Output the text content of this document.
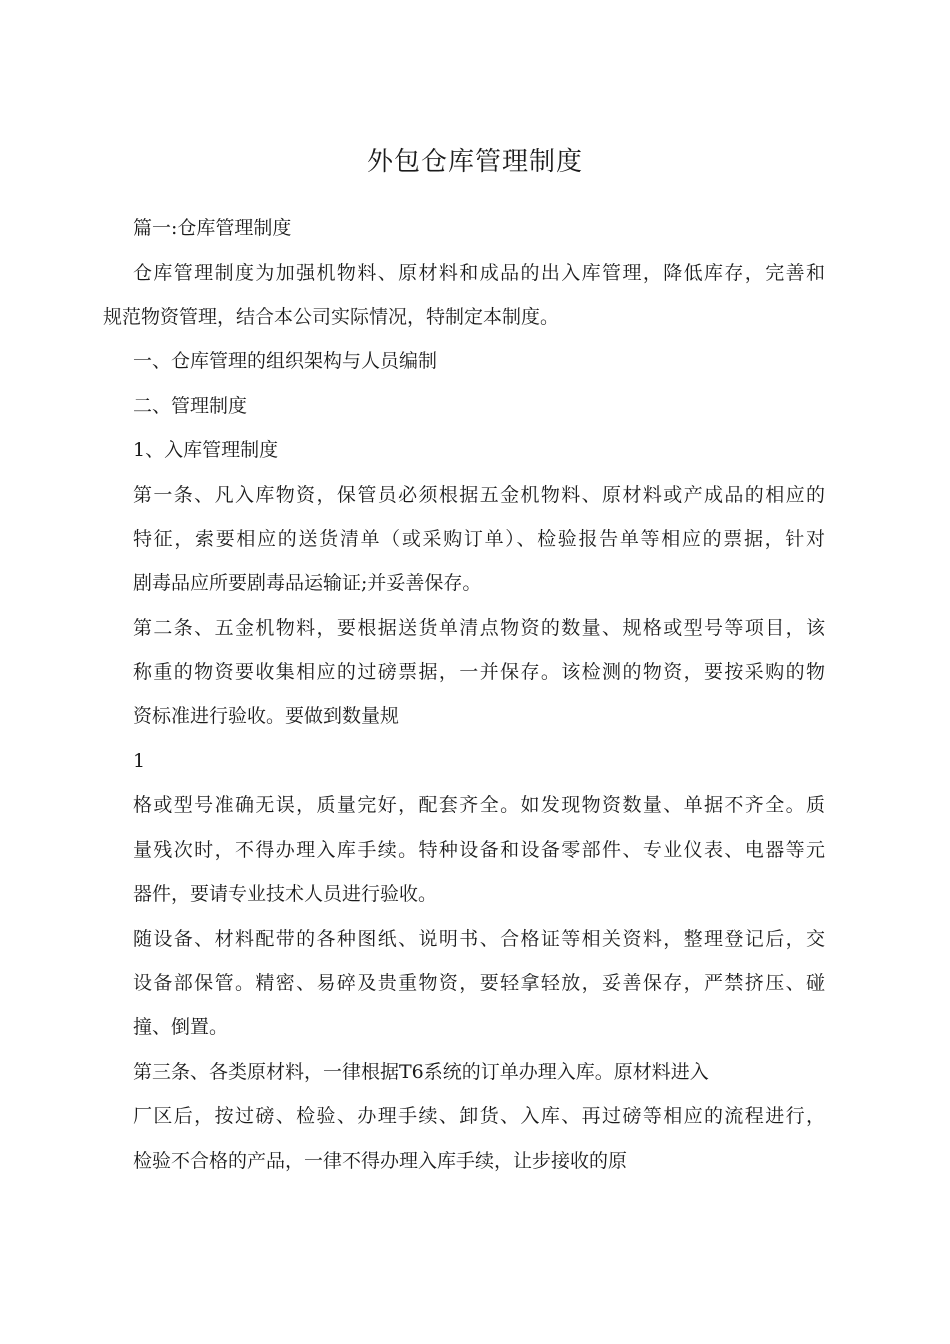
外包仓库管理制度
篇一:仓库管理制度
仓库管理制度为加强机物料、原材料和成品的出入库管理，降低库存，完善和
规范物资管理，结合本公司实际情况，特制定本制度。
一、仓库管理的组织架构与人员编制
二、管理制度
1、入库管理制度
第一条、凡入库物资，保管员必须根据五金机物料、原材料或产成品的相应的
特征，索要相应的送货清单（或采购订单）、检验报告单等相应的票据，针对
剧毒品应所要剧毒品运输证;并妥善保存。
第二条、五金机物料，要根据送货单清点物资的数量、规格或型号等项目，该
称重的物资要收集相应的过磅票据，一并保存。该检测的物资，要按采购的物
资标准进行验收。要做到数量规
1
格或型号准确无误，质量完好，配套齐全。如发现物资数量、单据不齐全。质
量残次时，不得办理入库手续。特种设备和设备零部件、专业仪表、电器等元
器件，要请专业技术人员进行验收。
随设备、材料配带的各种图纸、说明书、合格证等相关资料，整理登记后，交
设备部保管。精密、易碎及贵重物资，要轻拿轻放，妥善保存，严禁挤压、碰
撞、倒置。
第三条、各类原材料，一律根据T6系统的订单办理入库。原材料进入
厂区后，按过磅、检验、办理手续、卸货、入库、再过磅等相应的流程进行，
检验不合格的产品，一律不得办理入库手续，让步接收的原
